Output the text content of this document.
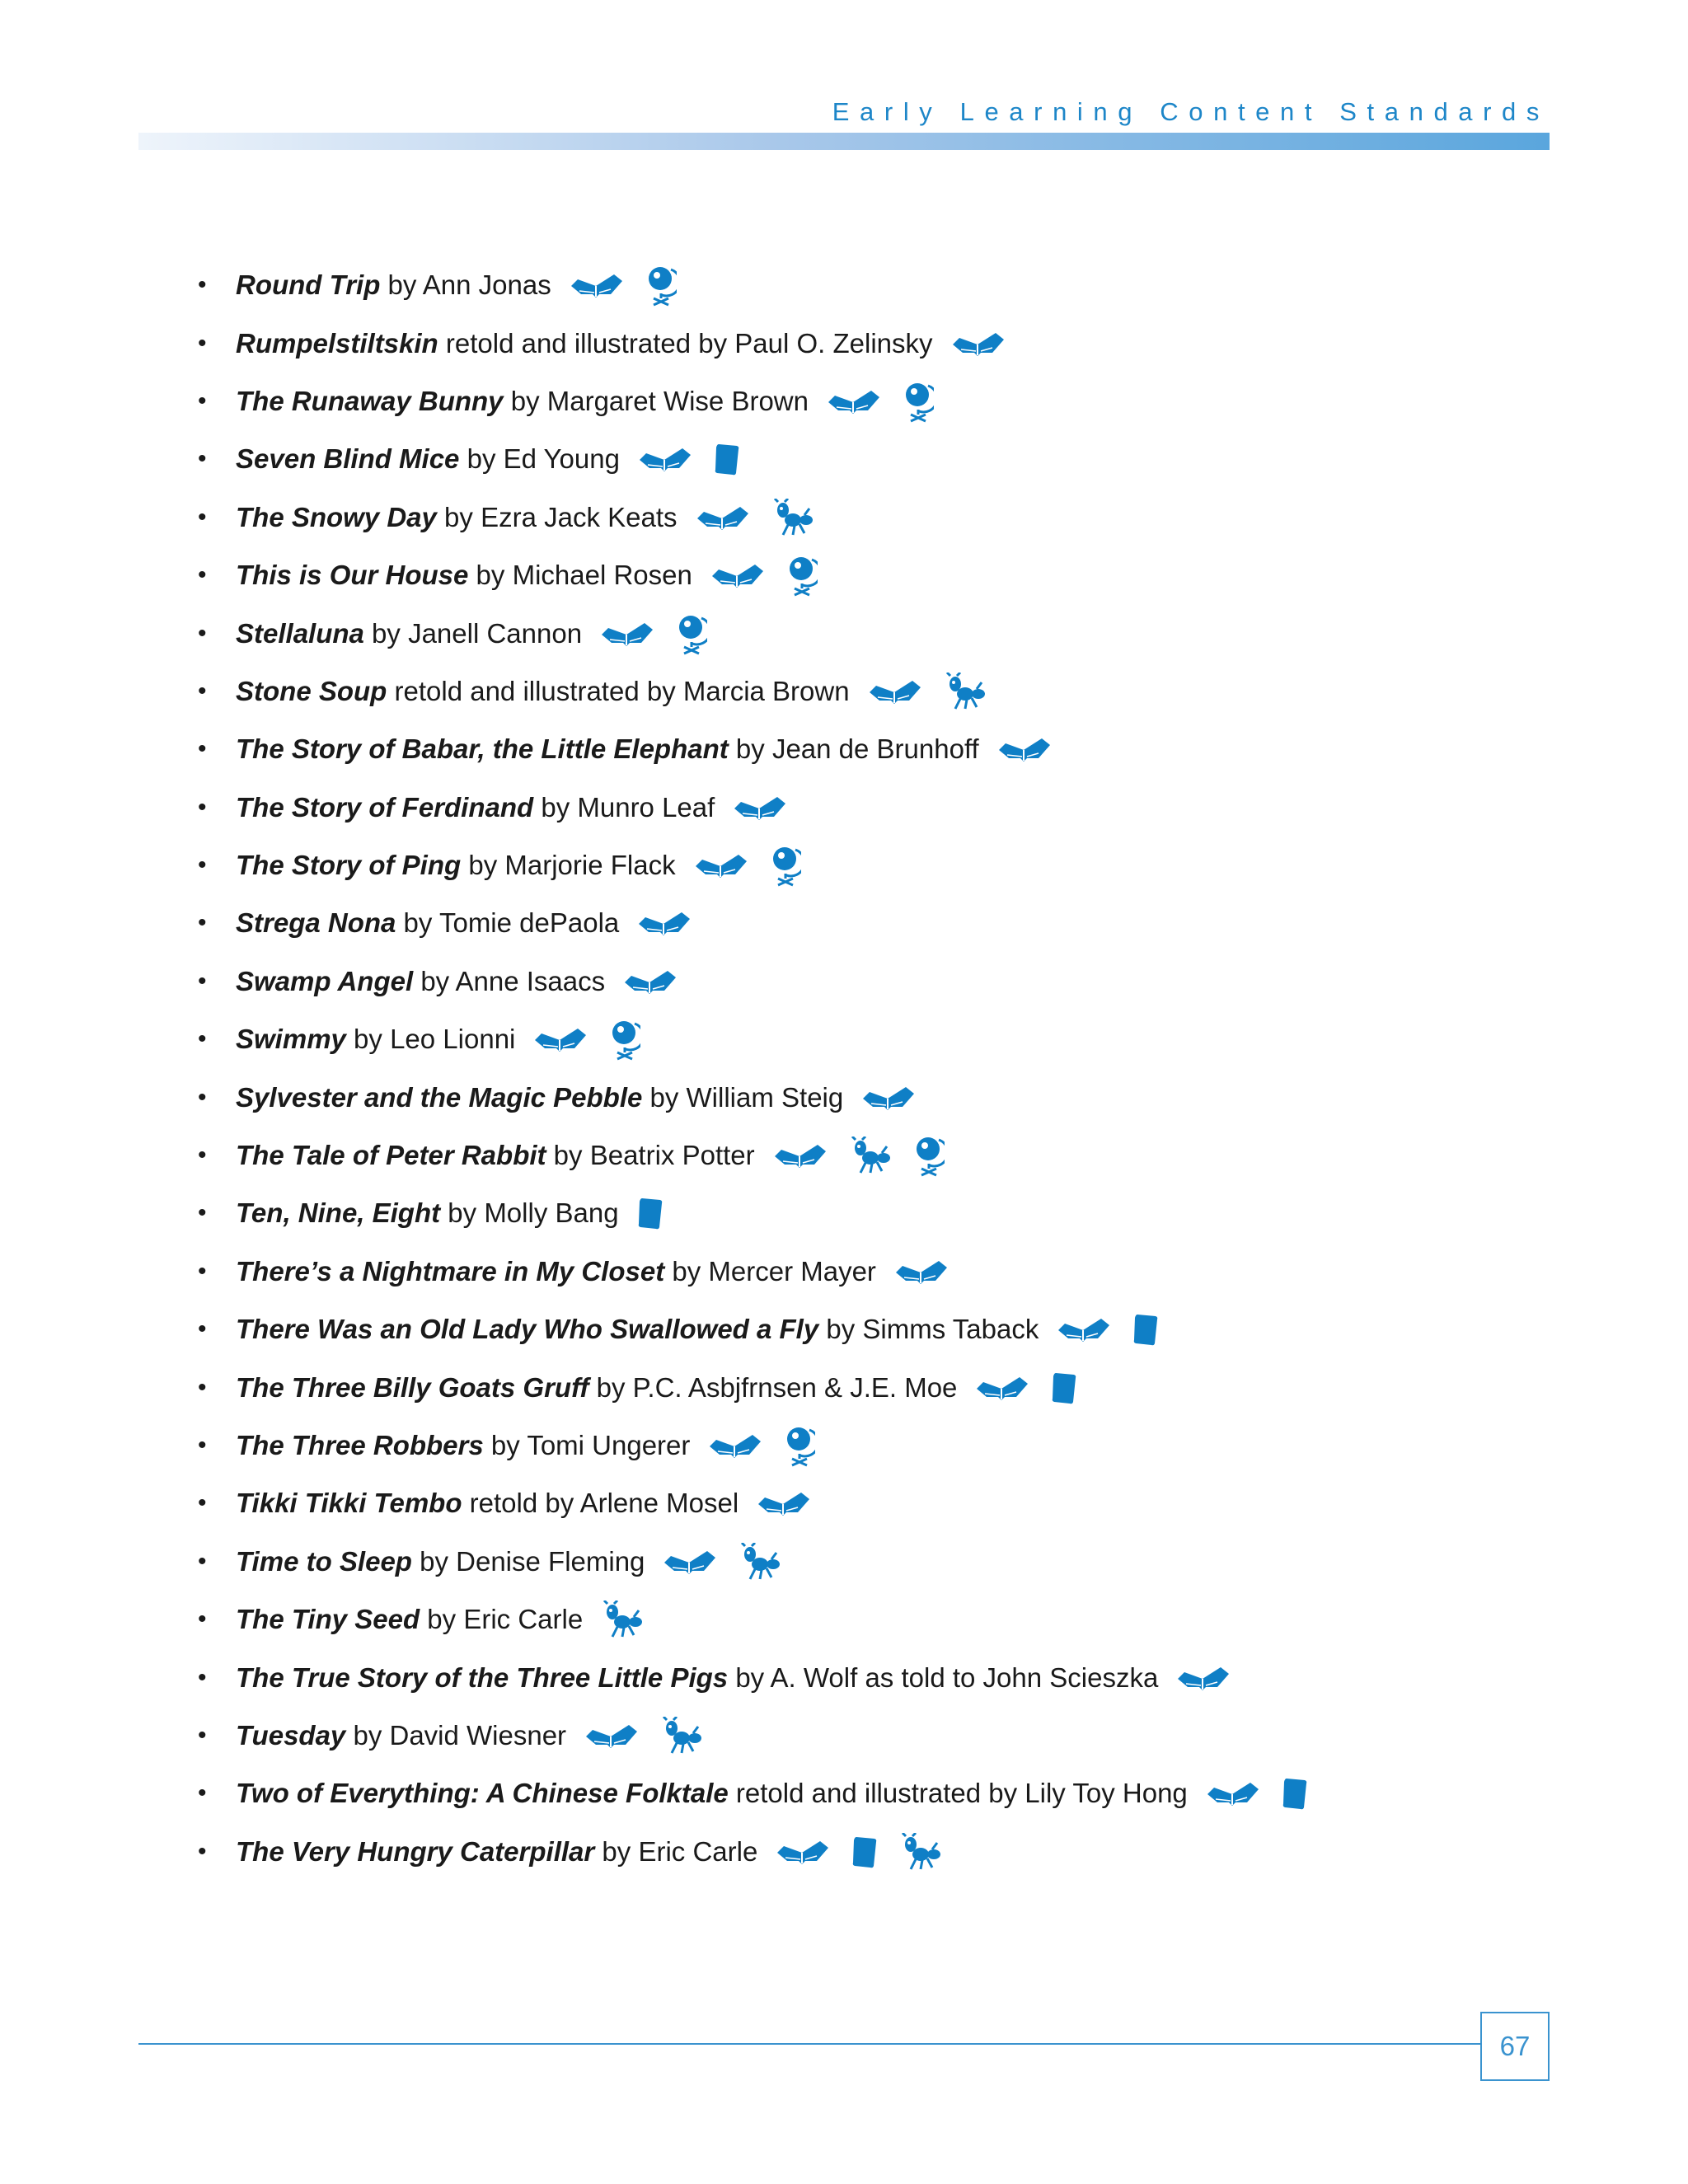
Early Learning Content Standards
•	Round Trip by Ann Jonas
•	Rumpelstiltskin retold and illustrated by Paul O. Zelinsky
•	The Runaway Bunny by Margaret Wise Brown
•	Seven Blind Mice by Ed Young
•	The Snowy Day by Ezra Jack Keats
•	This is Our House by Michael Rosen
•	Stellaluna by Janell Cannon
•	Stone Soup retold and illustrated by Marcia Brown
•	The Story of Babar, the Little Elephant by Jean de Brunhoff
•	The Story of Ferdinand by Munro Leaf
•	The Story of Ping by Marjorie Flack
•	Strega Nona by Tomie dePaola
•	Swamp Angel by Anne Isaacs
•	Swimmy by Leo Lionni
•	Sylvester and the Magic Pebble by William Steig
•	The Tale of Peter Rabbit by Beatrix Potter
•	Ten, Nine, Eight by Molly Bang
•	There’s a Nightmare in My Closet by Mercer Mayer
•	There Was an Old Lady Who Swallowed a Fly by Simms Taback
•	The Three Billy Goats Gruff by P.C. Asbjfrnsen & J.E. Moe
•	The Three Robbers by Tomi Ungerer
•	Tikki Tikki Tembo retold by Arlene Mosel
•	Time to Sleep by Denise Fleming
•	The Tiny Seed by Eric Carle
•	The True Story of the Three Little Pigs by A. Wolf as told to John Scieszka
•	Tuesday by David Wiesner
•	Two of Everything: A Chinese Folktale retold and illustrated by Lily Toy Hong
•	The Very Hungry Caterpillar by Eric Carle
67
